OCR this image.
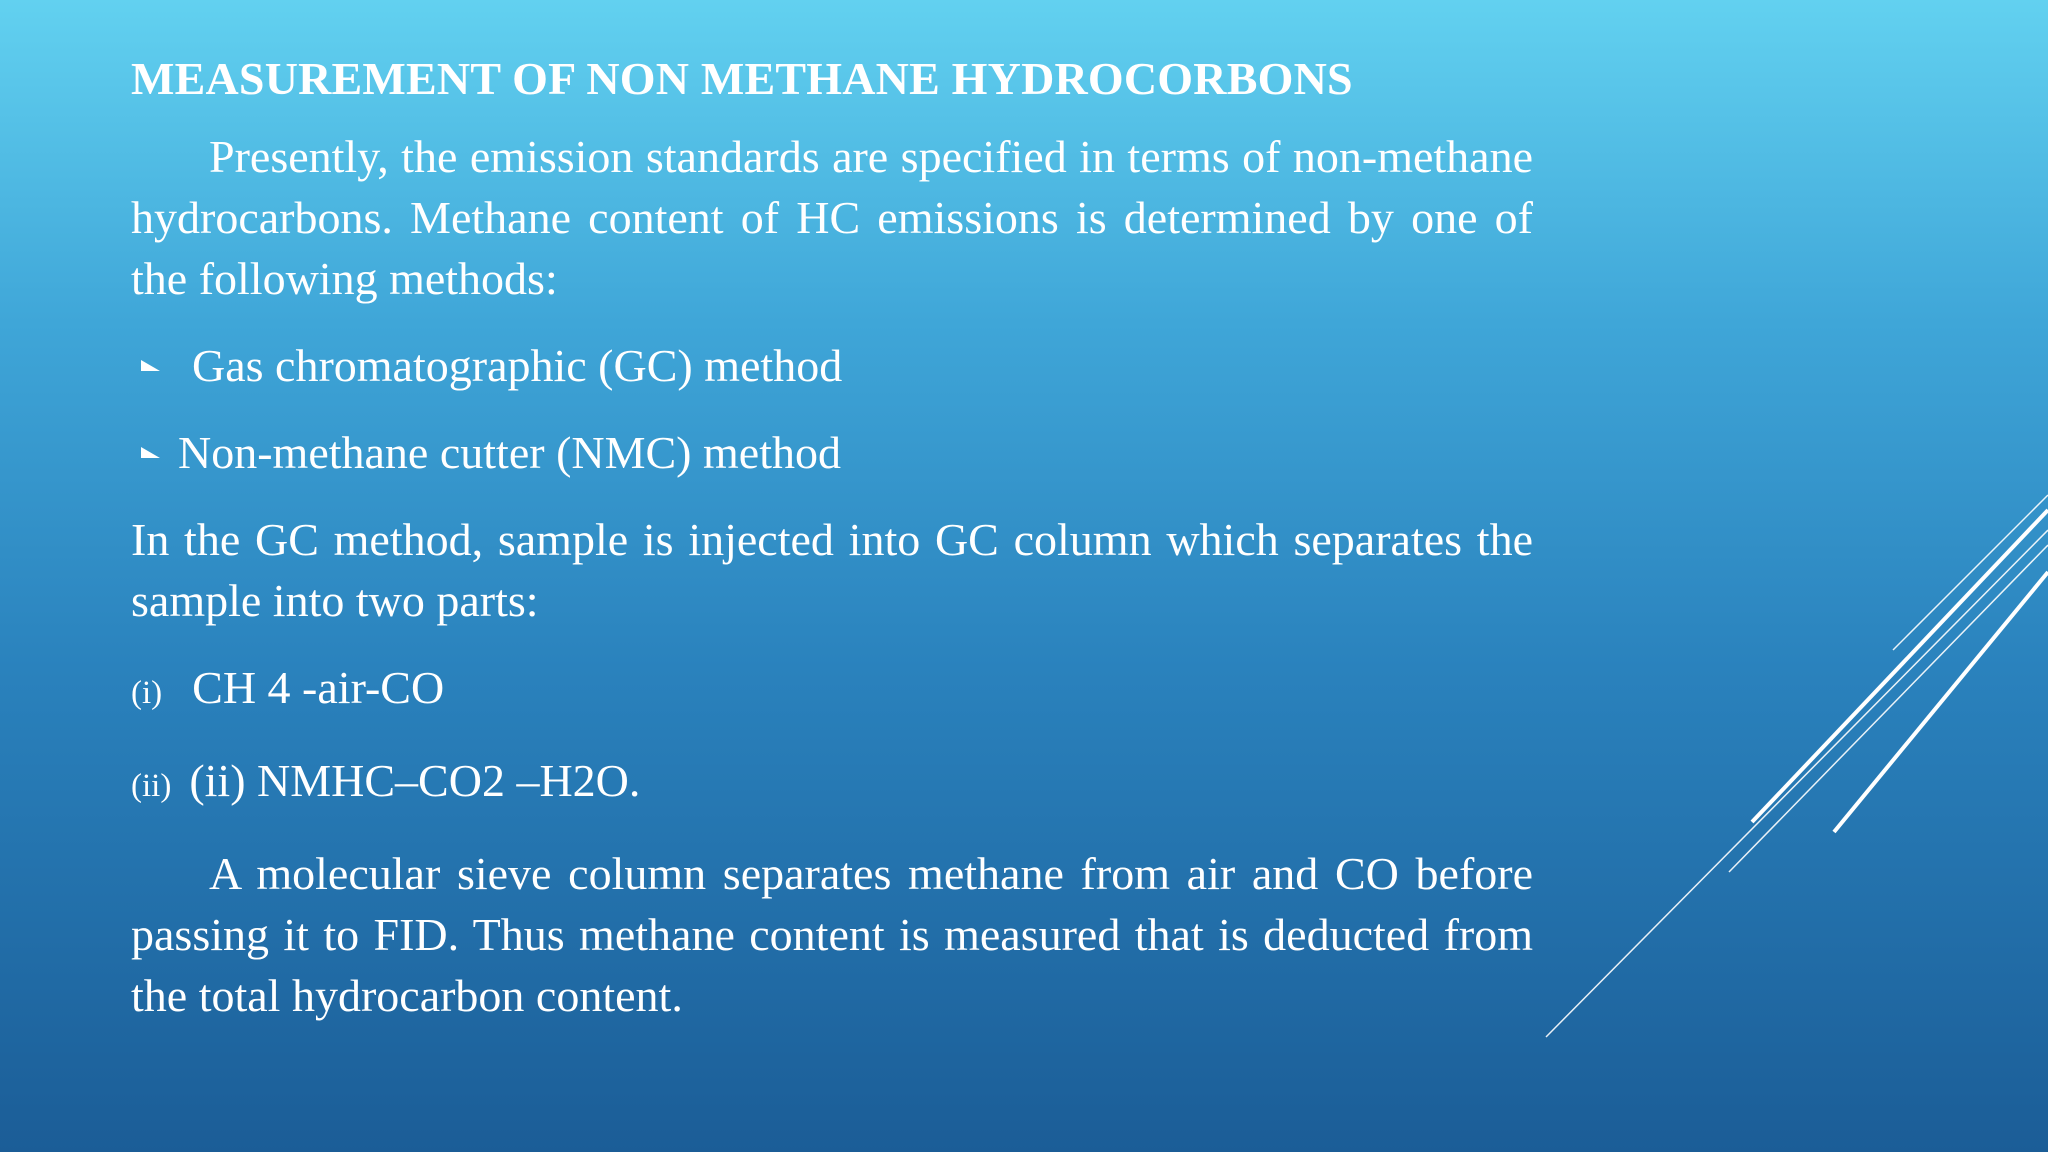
MEASUREMENT OF NON METHANE HYDROCORBONS

Presently, the emission standards are specified in terms of non-methane hydrocarbons. Methane content of HC emissions is determined by one of the following methods:

Gas chromatographic (GC) method
Non-methane cutter (NMC) method

In the GC method, sample is injected into GC column which separates the sample into two parts:

(i) CH 4 -air-CO
(ii) (ii) NMHC–CO2 –H2O.

A molecular sieve column separates methane from air and CO before passing it to FID. Thus methane content is measured that is deducted from the total hydrocarbon content.
